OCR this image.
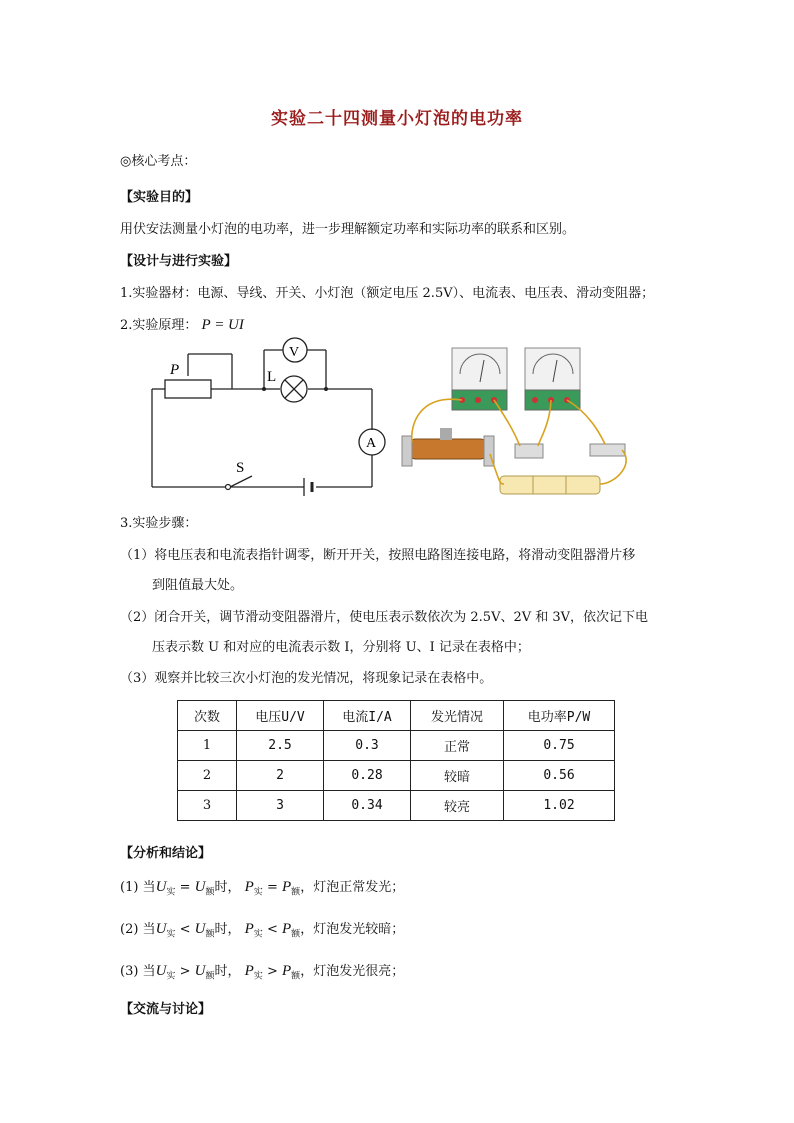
实验二十四测量小灯泡的电功率
◎核心考点：
【实验目的】
用伏安法测量小灯泡的电功率，进一步理解额定功率和实际功率的联系和区别。
【设计与进行实验】
1.实验器材：电源、导线、开关、小灯泡（额定电压 2.5V）、电流表、电压表、滑动变阻器；
2.实验原理： P = UI
P
V
L
A
S
3.实验步骤：
（1）将电压表和电流表指针调零，断开开关，按照电路图连接电路，将滑动变阻器滑片移
到阻值最大处。
（2）闭合开关，调节滑动变阻器滑片，使电压表示数依次为 2.5V、2V 和 3V，依次记下电
压表示数 U 和对应的电流表示数 I，分别将 U、I 记录在表格中；
（3）观察并比较三次小灯泡的发光情况，将现象记录在表格中。
次数	电压U/V	电流I/A	发光情况	电功率P/W
1	2.5	0.3	正常	0.75
2	2	0.28	较暗	0.56
3	3	0.34	较亮	1.02
【分析和结论】
(1) 当$U_实 = U_额$时， $P_实 = P_额$，灯泡正常发光；
(2) 当$U_实 < U_额$时， $P_实 < P_额$，灯泡发光较暗；
(3) 当$U_实 > U_额$时， $P_实 > P_额$，灯泡发光很亮；
【交流与讨论】
